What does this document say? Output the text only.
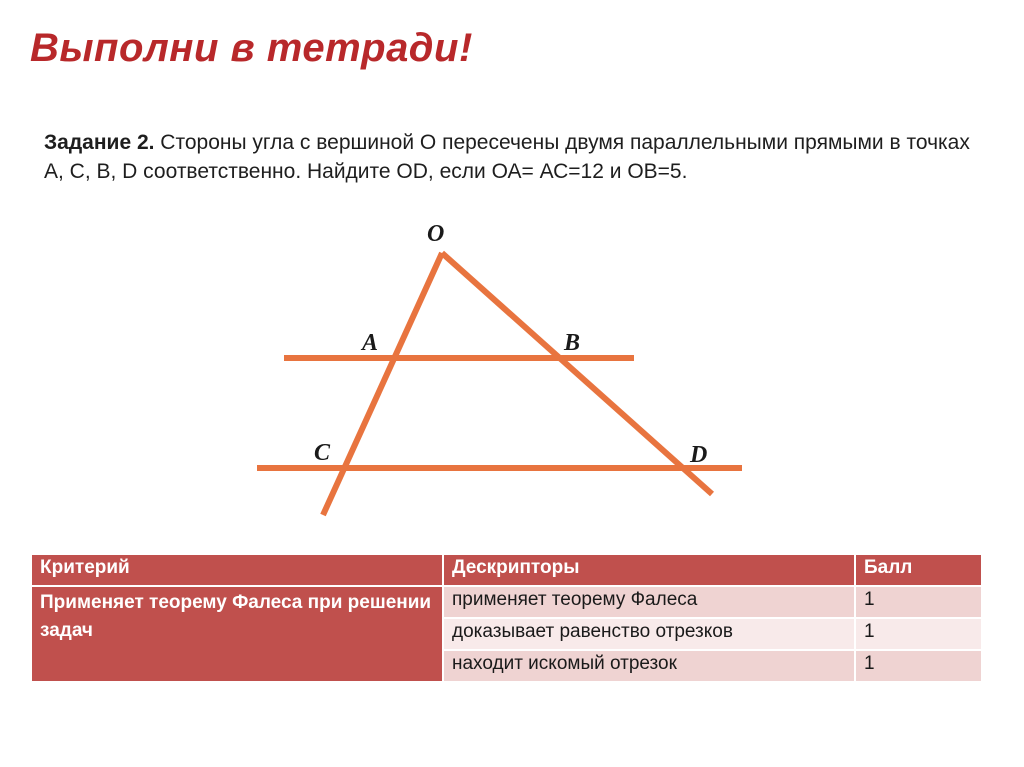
Выполни в тетради!

Задание 2. Стороны угла с вершиной О пересечены двумя параллельными прямыми в точках А, С, В, D соответственно. Найдите OD, если ОА= АС=12 и ОВ=5.

O
A	B
C	D
Критерий	Дескрипторы	Балл
Применяет теорему Фалеса при решении задач	применяет теорему Фалеса	1
	доказывает равенство отрезков	1
	находит искомый отрезок	1
